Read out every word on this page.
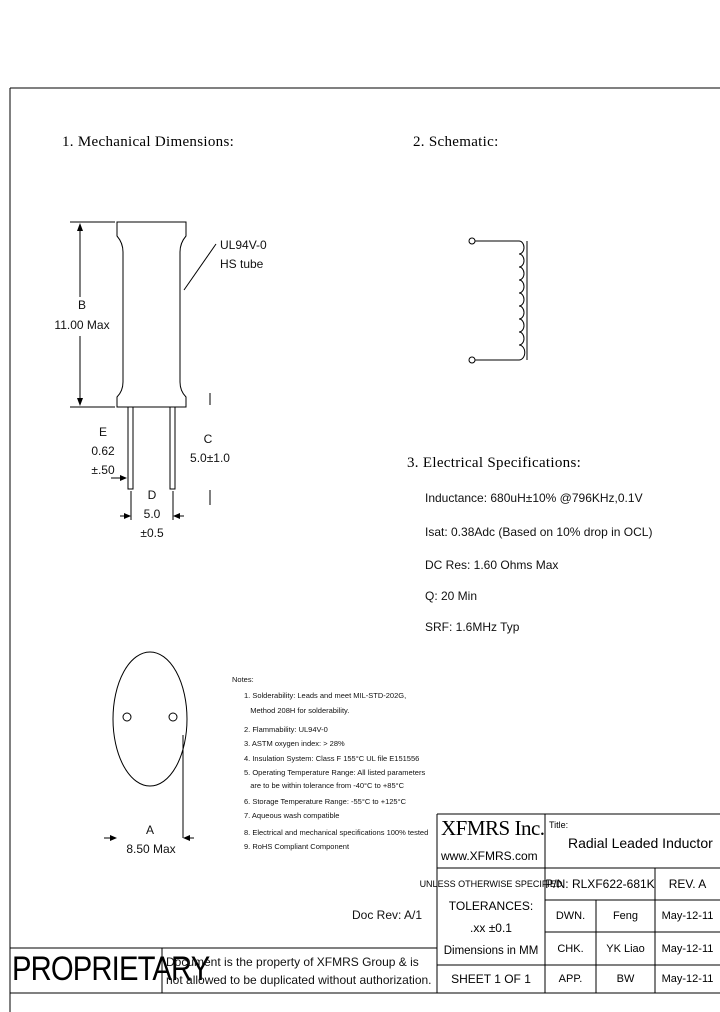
1. Mechanical Dimensions:	2. Schematic:
3. Electrical Specifications:
UL94V-0
HS tube
B
11.00 Max
E
0.62
±.50
C
5.0±1.0
D
5.0
±0.5
A
8.50 Max
Inductance: 680uH±10% @796KHz,0.1V
Isat: 0.38Adc (Based on 10% drop in OCL)
DC Res: 1.60 Ohms Max
Q: 20 Min
SRF: 1.6MHz Typ
Notes:
1. Solderability: Leads and meet MIL-STD-202G,
Method 208H for solderability.
2. Flammability: UL94V-0
3. ASTM oxygen index: > 28%
4. Insulation System: Class F 155°C UL file E151556
5. Operating Temperature Range: All listed parameters
are to be within tolerance from -40°C to +85°C
6. Storage Temperature Range: -55°C to +125°C
7. Aqueous wash compatible
8. Electrical and mechanical specifications 100% tested
9. RoHS Compliant Component
XFMRS Inc.
www.XFMRS.com
Title:
Radial Leaded Inductor
UNLESS OTHERWISE SPECIFIED
TOLERANCES:
.xx ±0.1
Dimensions in MM
P/N: RLXF622-681K	REV. A
DWN.	Feng	May-12-11
CHK.	YK Liao	May-12-11
SHEET 1 OF 1	APP.	BW	May-12-11
Doc Rev: A/1
PROPRIETARY
Document is the property of XFMRS Group & is
not allowed to be duplicated without authorization.
